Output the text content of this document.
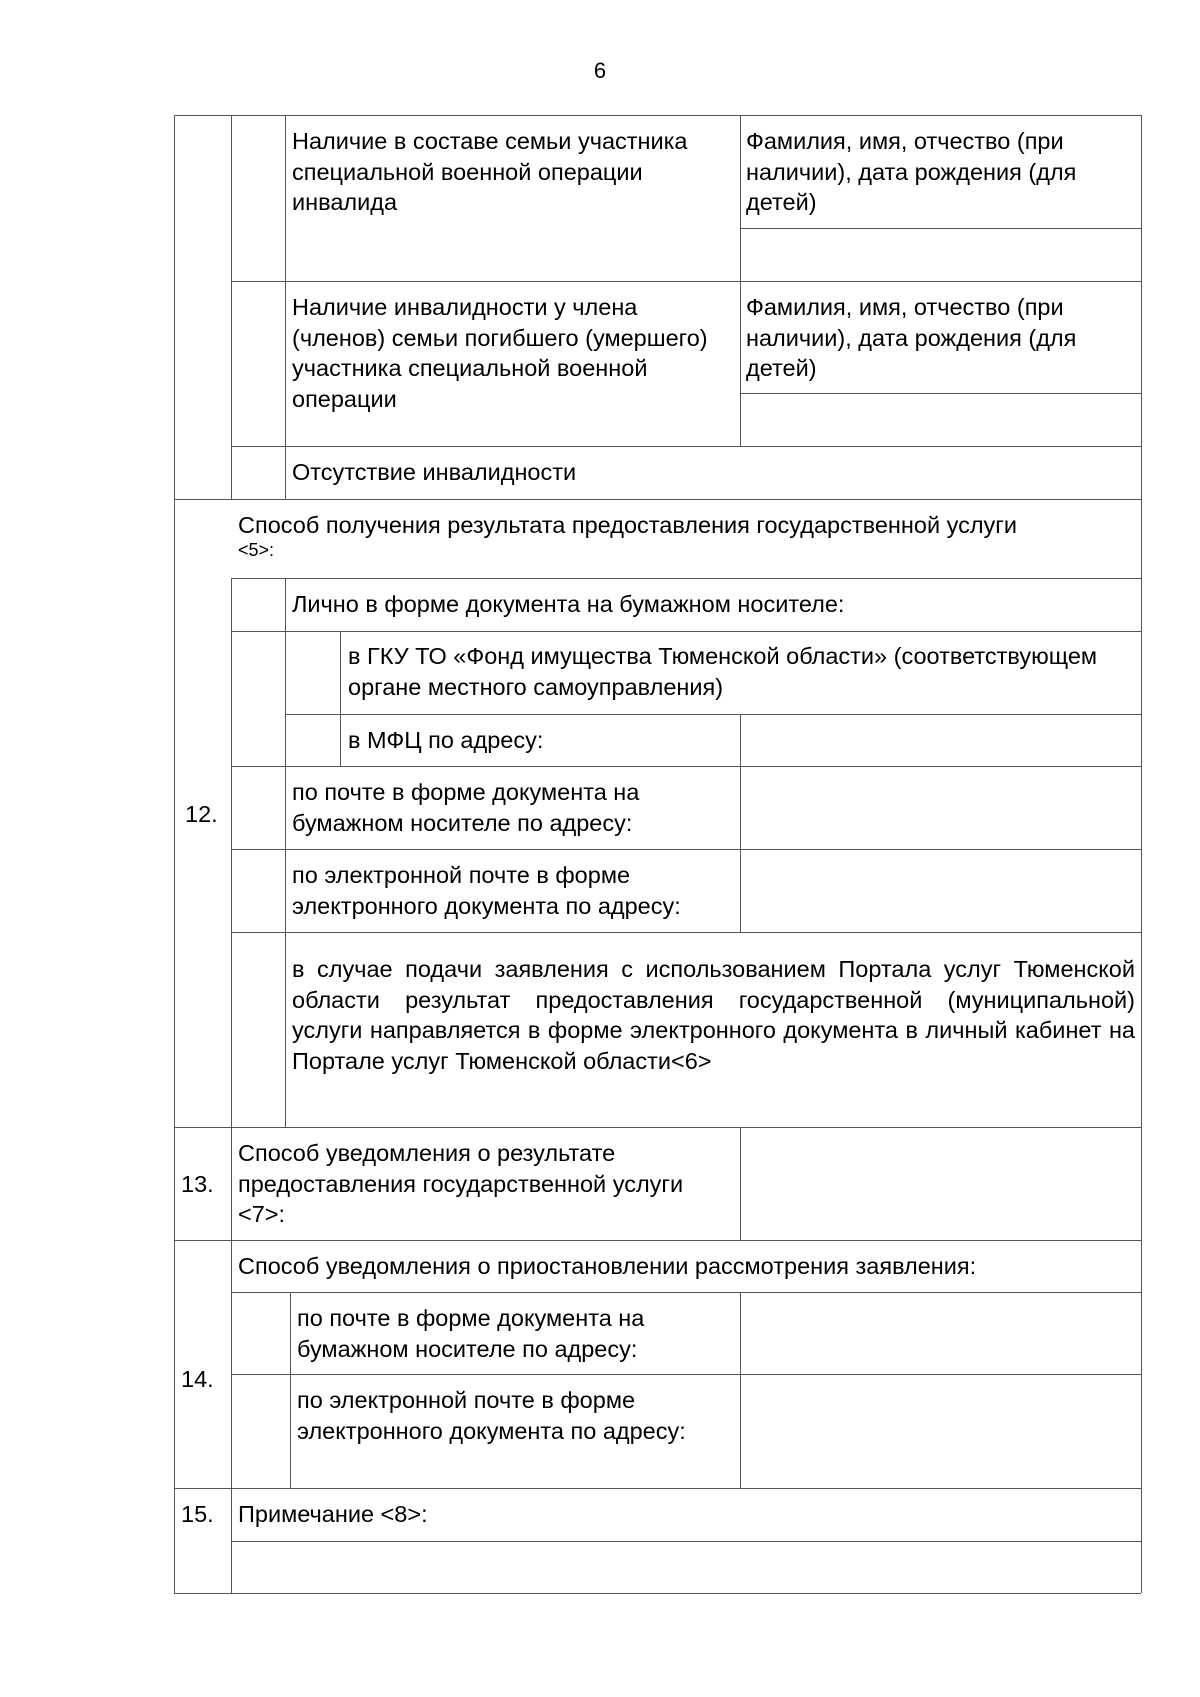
6
Наличие в составе семьи участника специальной военной операции инвалида
Фамилия, имя, отчество (при наличии), дата рождения (для детей)
Наличие инвалидности у члена (членов) семьи погибшего (умершего) участника специальной военной операции
Фамилия, имя, отчество (при наличии), дата рождения (для детей)
Отсутствие инвалидности
12.
Способ получения результата предоставления государственной услуги
<5>:
Лично в форме документа на бумажном носителе:
в ГКУ ТО «Фонд имущества Тюменской области» (соответствующем органе местного самоуправления)
в МФЦ по адресу:
по почте в форме документа на бумажном носителе по адресу:
по электронной почте в форме электронного документа по адресу:
в случае подачи заявления с использованием Портала услуг Тюменской области результат предоставления государственной (муниципальной) услуги направляется в форме электронного документа в личный кабинет на Портале услуг Тюменской области<6>
13.
Способ уведомления о результате предоставления государственной услуги <7>:
14.
Способ уведомления о приостановлении рассмотрения заявления:
по почте в форме документа на бумажном носителе по адресу:
по электронной почте в форме электронного документа по адресу:
15. Примечание <8>:
